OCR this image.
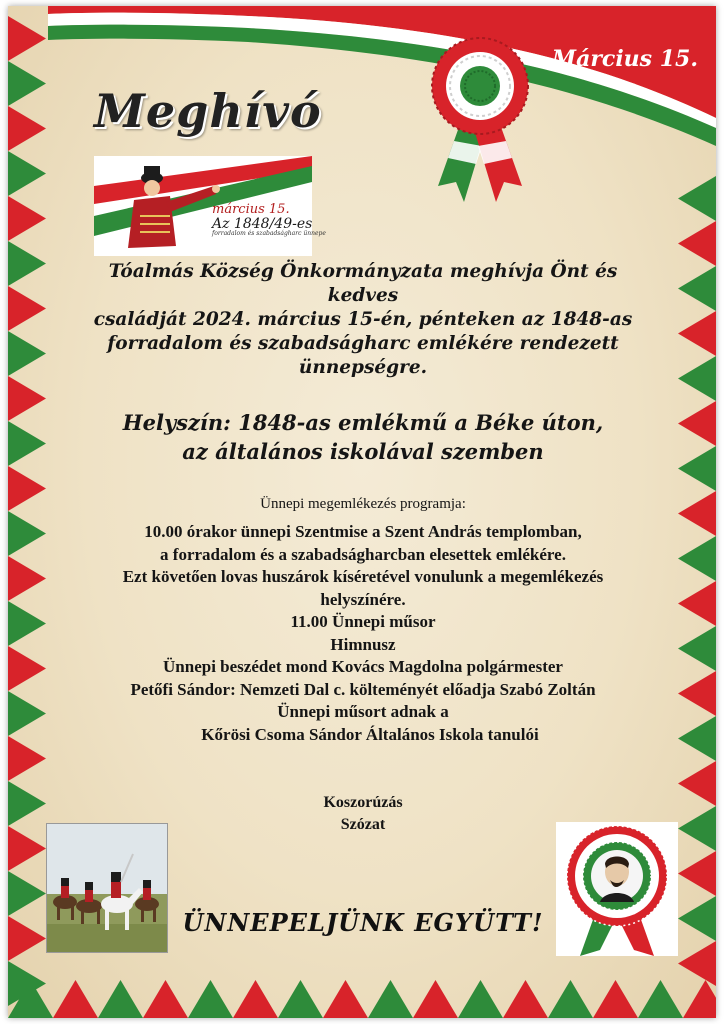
Március 15.
Meghívó
március 15.
Az 1848/49-es
forradalom és szabadságharc ünnepe
Tóalmás Község Önkormányzata meghívja Önt és kedves
családját 2024. március 15-én, pénteken az 1848-as
forradalom és szabadságharc emlékére rendezett
ünnepségre.
Helyszín: 1848-as emlékmű a Béke úton,
az általános iskolával szemben
Ünnepi megemlékezés programja:
10.00 órakor ünnepi Szentmise a Szent András templomban,
a forradalom és a szabadságharcban elesettek emlékére.
Ezt követően lovas huszárok kíséretével vonulunk a megemlékezés
helyszínére.
11.00 Ünnepi műsor
Himnusz
Ünnepi beszédet mond Kovács Magdolna polgármester
Petőfi Sándor: Nemzeti Dal c. költeményét előadja Szabó Zoltán
Ünnepi műsort adnak a
Kőrösi Csoma Sándor Általános Iskola tanulói
Koszorúzás
Szózat
ÜNNEPELJÜNK EGYÜTT!
